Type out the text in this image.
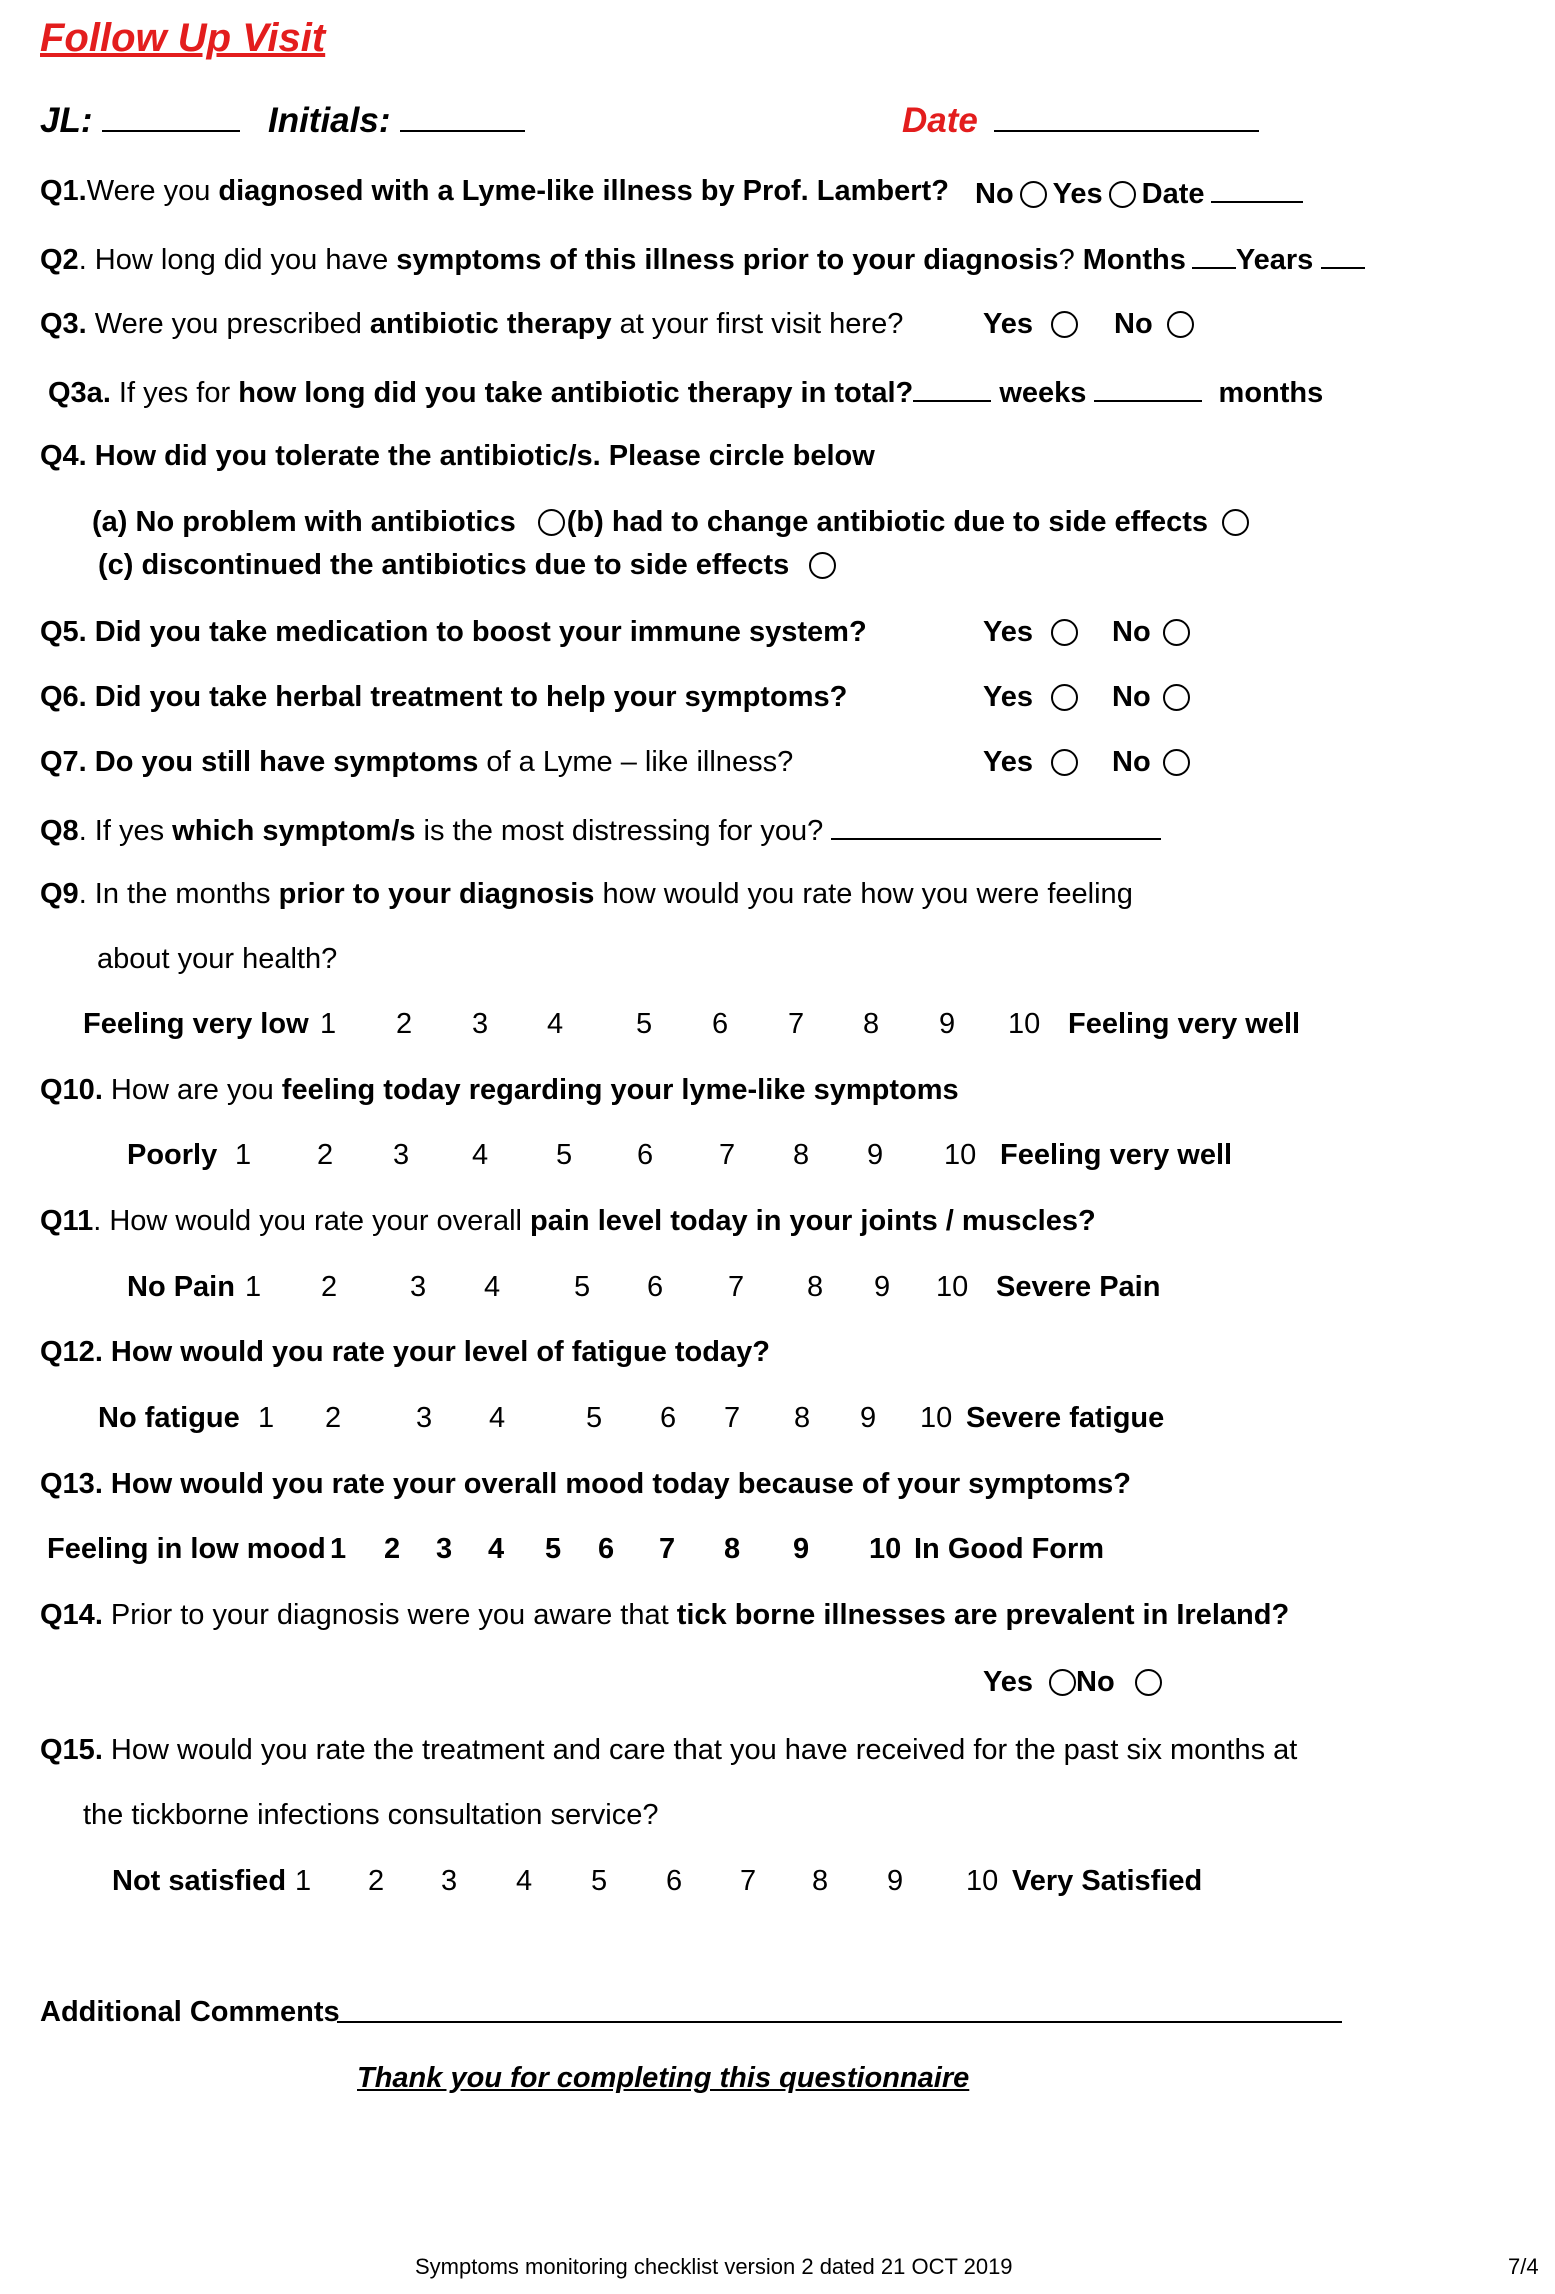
Follow Up Visit
JL:	Initials:	Date
Q1.Were you diagnosed with a Lyme-like illness by Prof. Lambert? No Yes Date
Q2. How long did you have symptoms of this illness prior to your diagnosis? Months Years
Q3. Were you prescribed antibiotic therapy at your first visit here?	Yes	No
Q3a. If yes for how long did you take antibiotic therapy in total?	weeks	months
Q4. How did you tolerate the antibiotic/s. Please circle below
(a) No problem with antibiotics (b) had to change antibiotic due to side effects
(c) discontinued the antibiotics due to side effects
Q5. Did you take medication to boost your immune system?	Yes	No
Q6. Did you take herbal treatment to help your symptoms?	Yes	No
Q7. Do you still have symptoms of a Lyme – like illness?	Yes	No
Q8. If yes which symptom/s is the most distressing for you?
Q9. In the months prior to your diagnosis how would you rate how you were feeling
about your health?
Feeling very low 1 2 3 4	5 6 7 8 9 10 Feeling very well
Q10. How are you feeling today regarding your lyme-like symptoms
Poorly 1 2 3 4 5 6 7 8 9 10 Feeling very well
Q11. How would you rate your overall pain level today in your joints / muscles?
No Pain 1 2	3 4	5 6 7 8 9 10 Severe Pain
Q12. How would you rate your level of fatigue today?
No fatigue 1 2	3 4	5 6 7 8 9 10 Severe fatigue
Q13. How would you rate your overall mood today because of your symptoms?
Feeling in low mood 1 2 3 4 5 6 7 8 9 10 In Good Form
Q14. Prior to your diagnosis were you aware that tick borne illnesses are prevalent in Ireland?
Yes No
Q15. How would you rate the treatment and care that you have received for the past six months at
the tickborne infections consultation service?
Not satisfied 1 2 3 4 5 6 7 8 9 10 Very Satisfied
Additional Comments
Thank you for completing this questionnaire
Symptoms monitoring checklist version 2 dated 21 OCT 2019	7/4
